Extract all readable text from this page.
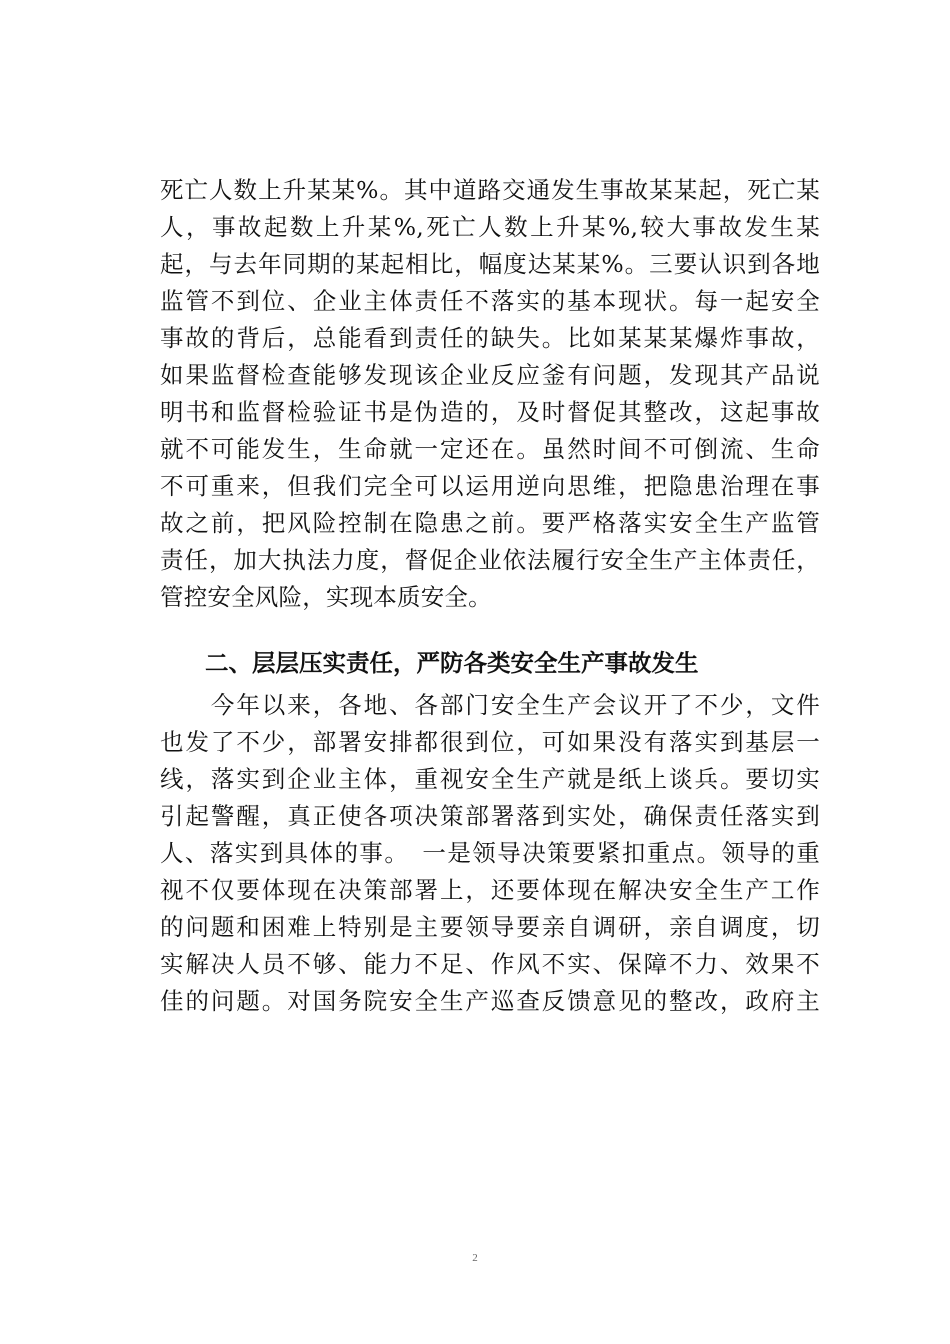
死亡人数上升某某%。其中道路交通发生事故某某起，死亡某
人，事故起数上升某%,死亡人数上升某%,较大事故发生某
起，与去年同期的某起相比，幅度达某某%。三要认识到各地
监管不到位、企业主体责任不落实的基本现状。每一起安全
事故的背后，总能看到责任的缺失。比如某某某爆炸事故，
如果监督检查能够发现该企业反应釜有问题，发现其产品说
明书和监督检验证书是伪造的，及时督促其整改，这起事故
就不可能发生，生命就一定还在。虽然时间不可倒流、生命
不可重来，但我们完全可以运用逆向思维，把隐患治理在事
故之前，把风险控制在隐患之前。要严格落实安全生产监管
责任，加大执法力度，督促企业依法履行安全生产主体责任，
管控安全风险，实现本质安全。
二、层层压实责任，严防各类安全生产事故发生
　　今年以来，各地、各部门安全生产会议开了不少，文件
也发了不少，部署安排都很到位，可如果没有落实到基层一
线，落实到企业主体，重视安全生产就是纸上谈兵。要切实
引起警醒，真正使各项决策部署落到实处，确保责任落实到
人、落实到具体的事。　一是领导决策要紧扣重点。领导的重
视不仅要体现在决策部署上，还要体现在解决安全生产工作
的问题和困难上特别是主要领导要亲自调研，亲自调度，切
实解决人员不够、能力不足、作风不实、保障不力、效果不
佳的问题。对国务院安全生产巡查反馈意见的整改，政府主
2
